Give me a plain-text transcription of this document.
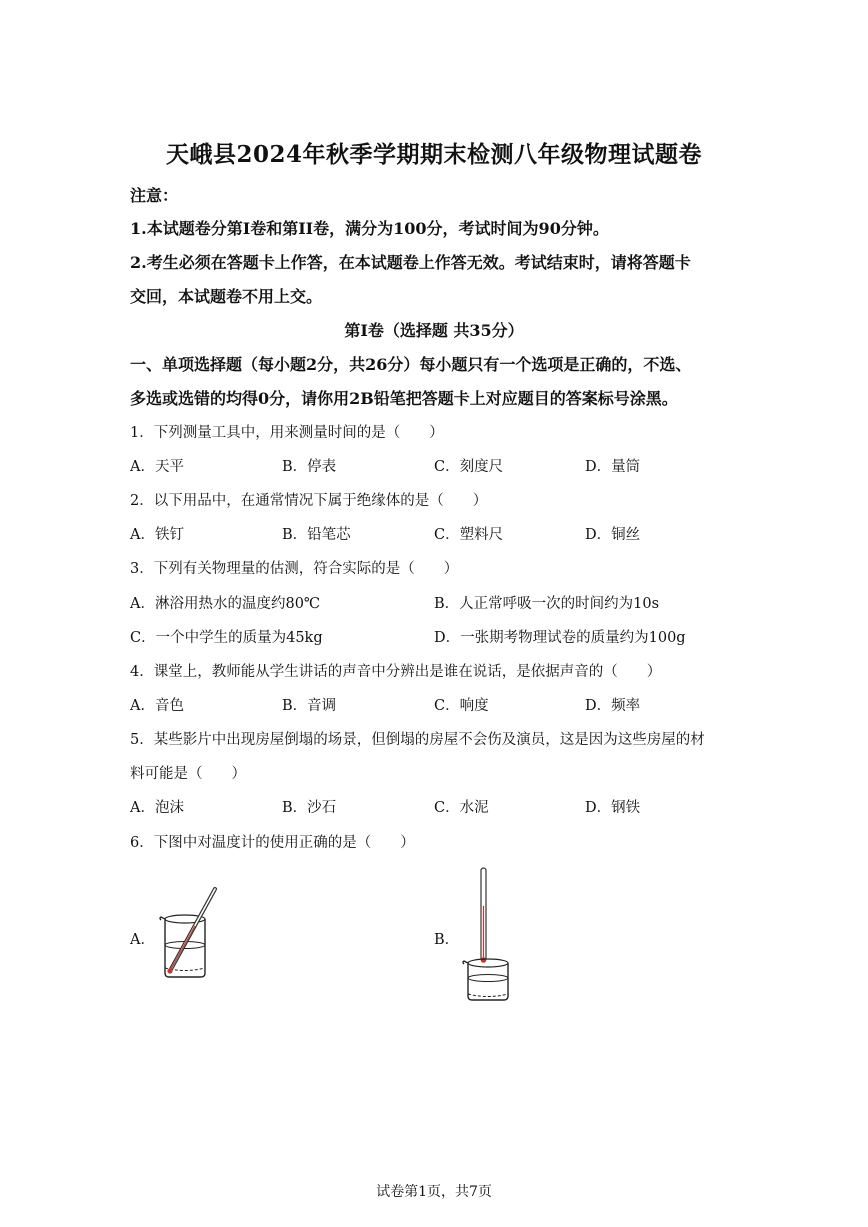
天峨县2024年秋季学期期末检测八年级物理试题卷
注意：
1.本试题卷分第I卷和第II卷，满分为100分，考试时间为90分钟。
2.考生必须在答题卡上作答，在本试题卷上作答无效。考试结束时，请将答题卡
交回，本试题卷不用上交。
第I卷（选择题 共35分）
一、单项选择题（每小题2分，共26分）每小题只有一个选项是正确的，不选、
多选或选错的均得0分，请你用2B铅笔把答题卡上对应题目的答案标号涂黑。
1．下列测量工具中，用来测量时间的是（　　）
A．天平	B．停表	C．刻度尺	D．量筒
2．以下用品中，在通常情况下属于绝缘体的是（　　）
A．铁钉	B．铅笔芯	C．塑料尺	D．铜丝
3．下列有关物理量的估测，符合实际的是（　　）
A．淋浴用热水的温度约80℃	B．人正常呼吸一次的时间约为10s
C．一个中学生的质量为45kg	D．一张期考物理试卷的质量约为100g
4．课堂上，教师能从学生讲话的声音中分辨出是谁在说话，是依据声音的（　　）
A．音色	B．音调	C．响度	D．频率
5．某些影片中出现房屋倒塌的场景，但倒塌的房屋不会伤及演员，这是因为这些房屋的材
料可能是（　　）
A．泡沫	B．沙石	C．水泥	D．钢铁
6．下图中对温度计的使用正确的是（　　）
A．	B．
试卷第1页，共7页
